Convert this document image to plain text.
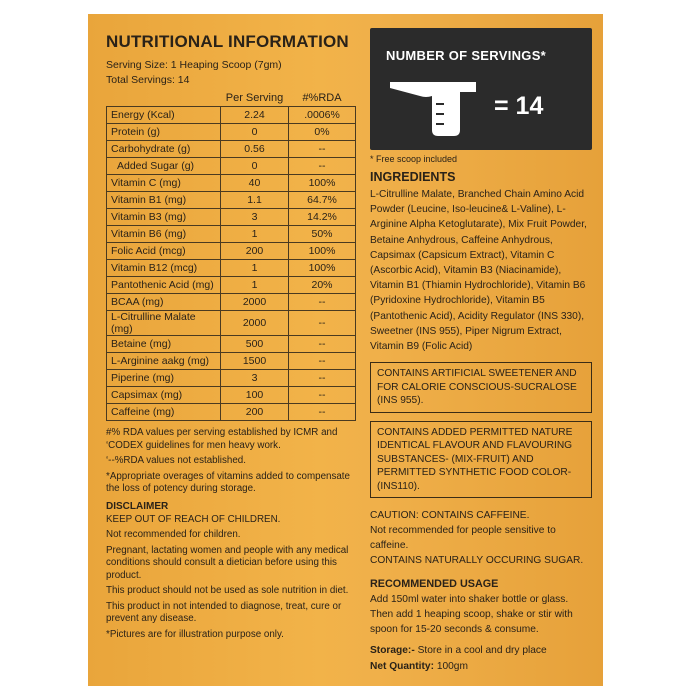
NUTRITIONAL INFORMATION
Serving Size: 1 Heaping Scoop (7gm)
Total Servings: 14
	Per Serving	#%RDA
Energy (Kcal)	2.24	.0006%
Protein (g)	0	0%
Carbohydrate (g)	0.56	--
Added Sugar (g)	0	--
Vitamin C (mg)	40	100%
Vitamin B1 (mg)	1.1	64.7%
Vitamin B3 (mg)	3	14.2%
Vitamin B6 (mg)	1	50%
Folic Acid (mcg)	200	100%
Vitamin B12 (mcg)	1	100%
Pantothenic Acid (mg)	1	20%
BCAA (mg)	2000	--
L-Citrulline Malate (mg)	2000	--
Betaine (mg)	500	--
L-Arginine aakg (mg)	1500	--
Piperine (mg)	3	--
Capsimax (mg)	100	--
Caffeine (mg)	200	--

#% RDA values per serving established by ICMR and ‘CODEX guidelines for men heavy work.

‘--%RDA values not established.

*Appropriate overages of vitamins added to compensate the loss of potency during storage.

DISCLAIMER

KEEP OUT OF REACH OF CHILDREN.

Not recommended for children.

Pregnant, lactating women and people with any medical conditions should consult a dietician before using this product.

This product should not be used as sole nutrition in diet.

This product in not intended to diagnose, treat, cure or prevent any disease.

*Pictures are for illustration purpose only.

NUMBER OF SERVINGS*
= 14
* Free scoop included
INGREDIENTS
L-Citrulline Malate, Branched Chain Amino Acid Powder (Leucine, Iso-leucine& L-Valine), L-Arginine Alpha Ketoglutarate), Mix Fruit Powder, Betaine Anhydrous, Caffeine Anhydrous, Capsimax (Capsicum Extract), Vitamin C (Ascorbic Acid), Vitamin B3 (Niacinamide), Vitamin B1 (Thiamin Hydrochloride), Vitamin B6 (Pyridoxine Hydrochloride), Vitamin B5 (Pantothenic Acid), Acidity Regulator (INS 330), Sweetner (INS 955), Piper Nigrum Extract, Vitamin B9 (Folic Acid)
CONTAINS ARTIFICIAL SWEETENER AND FOR CALORIE CONSCIOUS-SUCRALOSE (INS 955).
CONTAINS ADDED PERMITTED NATURE IDENTICAL FLAVOUR AND FLAVOURING SUBSTANCES- (MIX-FRUIT) AND PERMITTED SYNTHETIC FOOD COLOR- (INS110).
CAUTION: CONTAINS CAFFEINE.
Not recommended for people sensitive to caffeine.
CONTAINS NATURALLY OCCURING SUGAR.
RECOMMENDED USAGE
Add 150ml water into shaker bottle or glass. Then add 1 heaping scoop, shake or stir with spoon for 15-20 seconds & consume.
Storage:- Store in a cool and dry place
Net Quantity: 100gm
